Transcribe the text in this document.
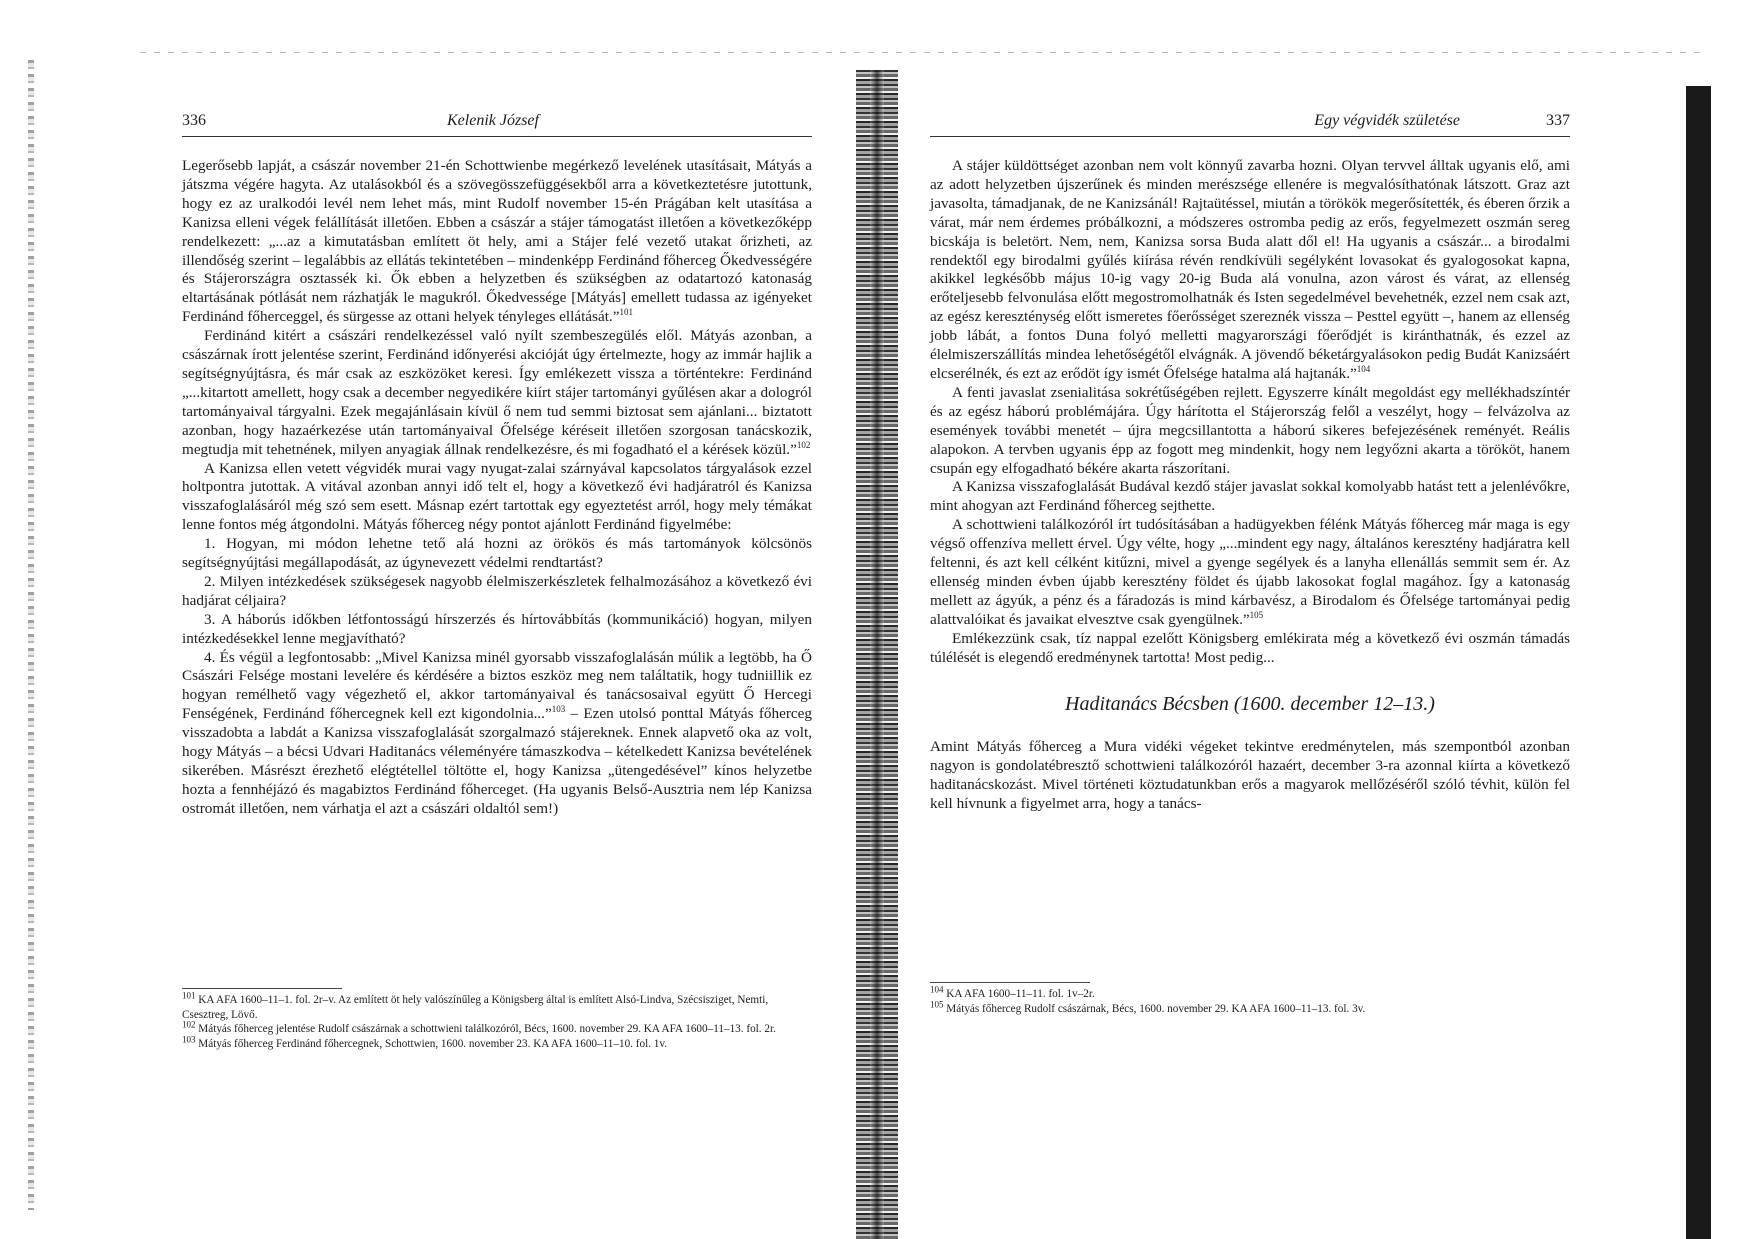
336	Kelenik József

Legerősebb lapját, a császár november 21-én Schottwienbe megérkező levelének utasításait, Mátyás a játszma végére hagyta. Az utalásokból és a szövegösszefüggésekből arra a következtetésre jutottunk, hogy ez az uralkodói levél nem lehet más, mint Rudolf november 15-én Prágában kelt utasítása a Kanizsa elleni végek felállítását illetően. Ebben a császár a stájer támogatást illetően a következőképp rendelkezett: „...az a kimutatásban említett öt hely, ami a Stájer felé vezető utakat őrizheti, az illendőség szerint – legalábbis az ellátás tekintetében – mindenképp Ferdinánd főherceg Őkedvességére és Stájerországra osztassék ki. Ők ebben a helyzetben és szükségben az odatartozó katonaság eltartásának pótlását nem rázhatják le magukról. Őkedvessége [Mátyás] emellett tudassa az igényeket Ferdinánd főherceggel, és sürgesse az ottani helyek tényleges ellátását.”$^{101}$

Ferdinánd kitért a császári rendelkezéssel való nyílt szembeszegülés elől. Mátyás azonban, a császárnak írott jelentése szerint, Ferdinánd időnyerési akcióját úgy értelmezte, hogy az immár hajlik a segítségnyújtásra, és már csak az eszközöket keresi. Így emlékezett vissza a történtekre: Ferdinánd „...kitartott amellett, hogy csak a december negyedikére kiírt stájer tartományi gyűlésen akar a dologról tartományaival tárgyalni. Ezek megajánlásain kívül ő nem tud semmi biztosat sem ajánlani... biztatott azonban, hogy hazaérkezése után tartományaival Őfelsége kéréseit illetően szorgosan tanácskozik, megtudja mit tehetnének, milyen anyagiak állnak rendelkezésre, és mi fogadható el a kérések közül.”$^{102}$

A Kanizsa ellen vetett végvidék murai vagy nyugat-zalai szárnyával kapcsolatos tárgyalások ezzel holtpontra jutottak. A vitával azonban annyi idő telt el, hogy a következő évi hadjáratról és Kanizsa visszafoglalásáról még szó sem esett. Másnap ezért tartottak egy egyeztetést arról, hogy mely témákat lenne fontos még átgondolni. Mátyás főherceg négy pontot ajánlott Ferdinánd figyelmébe:

1. Hogyan, mi módon lehetne tető alá hozni az örökös és más tartományok kölcsönös segítségnyújtási megállapodását, az úgynevezett védelmi rendtartást?

2. Milyen intézkedések szükségesek nagyobb élelmiszerkészletek felhalmozásához a következő évi hadjárat céljaira?

3. A háborús időkben létfontosságú hírszerzés és hírtovábbítás (kommunikáció) hogyan, milyen intézkedésekkel lenne megjavítható?

4. És végül a legfontosabb: „Mivel Kanizsa minél gyorsabb visszafoglalásán múlik a legtöbb, ha Ő Császári Felsége mostani levelére és kérdésére a biztos eszköz meg nem találtatik, hogy tudniillik ez hogyan remélhető vagy végezhető el, akkor tartományaival és tanácsosaival együtt Ő Hercegi Fenségének, Ferdinánd főhercegnek kell ezt kigondolnia...”$^{103}$ – Ezen utolsó ponttal Mátyás főherceg visszadobta a labdát a Kanizsa visszafoglalását szorgalmazó stájereknek. Ennek alapvető oka az volt, hogy Mátyás – a bécsi Udvari Haditanács véleményére támaszkodva – kételkedett Kanizsa bevételének sikerében. Másrészt érezhető elégtétellel töltötte el, hogy Kanizsa „ütengedésével” kínos helyzetbe hozta a fennhéjázó és magabiztos Ferdinánd főherceget. (Ha ugyanis Belső-Ausztria nem lép Kanizsa ostromát illetően, nem várhatja el azt a császári oldaltól sem!)

$^{101}$ KA AFA 1600–11–1. fol. 2r–v. Az említett öt hely valószínűleg a Königsberg által is említett Alsó-Lindva, Szécsisziget, Nemti, Csesztreg, Lövő.

$^{102}$ Mátyás főherceg jelentése Rudolf császárnak a schottwieni találkozóról, Bécs, 1600. november 29. KA AFA 1600–11–13. fol. 2r.

$^{103}$ Mátyás főherceg Ferdinánd főhercegnek, Schottwien, 1600. november 23. KA AFA 1600–11–10. fol. 1v.

Egy végvidék születése	337

A stájer küldöttséget azonban nem volt könnyű zavarba hozni. Olyan tervvel álltak ugyanis elő, ami az adott helyzetben újszerűnek és minden merészsége ellenére is megvalósíthatónak látszott. Graz azt javasolta, támadjanak, de ne Kanizsánál! Rajtaütéssel, miután a törökök megerősítették, és éberen őrzik a várat, már nem érdemes próbálkozni, a módszeres ostromba pedig az erős, fegyelmezett oszmán sereg bicskája is beletört. Nem, nem, Kanizsa sorsa Buda alatt dől el! Ha ugyanis a császár... a birodalmi rendektől egy birodalmi gyűlés kiírása révén rendkívüli segélyként lovasokat és gyalogosokat kapna, akikkel legkésőbb május 10-ig vagy 20-ig Buda alá vonulna, azon várost és várat, az ellenség erőteljesebb felvonulása előtt megostromolhatnák és Isten segedelmével bevehetnék, ezzel nem csak azt, az egész kereszténység előtt ismeretes főerősséget szereznék vissza – Pesttel együtt –, hanem az ellenség jobb lábát, a fontos Duna folyó melletti magyarországi főerődjét is kiránthatnák, és ezzel az élelmiszerszállítás mindea lehetőségétől elvágnák. A jövendő béketárgyalásokon pedig Budát Kanizsáért elcserélnék, és ezt az erődöt így ismét Őfelsége hatalma alá hajtanák.”$^{104}$

A fenti javaslat zsenialitása sokrétűségében rejlett. Egyszerre kínált megoldást egy mellékhadszíntér és az egész háború problémájára. Úgy hárította el Stájerország felől a veszélyt, hogy – felvázolva az események további menetét – újra megcsillantotta a háború sikeres befejezésének reményét. Reális alapokon. A tervben ugyanis épp az fogott meg mindenkit, hogy nem legyőzni akarta a törököt, hanem csupán egy elfogadható békére akarta rászorítani.

A Kanizsa visszafoglalását Budával kezdő stájer javaslat sokkal komolyabb hatást tett a jelenlévőkre, mint ahogyan azt Ferdinánd főherceg sejthette.

A schottwieni találkozóról írt tudósításában a hadügyekben félénk Mátyás főherceg már maga is egy végső offenzíva mellett érvel. Úgy vélte, hogy „...mindent egy nagy, általános keresztény hadjáratra kell feltenni, és azt kell célként kitűzni, mivel a gyenge segélyek és a lanyha ellenállás semmit sem ér. Az ellenség minden évben újabb keresztény földet és újabb lakosokat foglal magához. Így a katonaság mellett az ágyúk, a pénz és a fáradozás is mind kárbavész, a Birodalom és Őfelsége tartományai pedig alattvalóikat és javaikat elvesztve csak gyengülnek.”$^{105}$

Emlékezzünk csak, tíz nappal ezelőtt Königsberg emlékirata még a következő évi oszmán támadás túlélését is elegendő eredménynek tartotta! Most pedig...

Haditanács Bécsben (1600. december 12–13.)

Amint Mátyás főherceg a Mura vidéki végeket tekintve eredménytelen, más szempontból azonban nagyon is gondolatébresztő schottwieni találkozóról hazaért, december 3-ra azonnal kiírta a következő haditanácskozást. Mivel történeti köztudatunkban erős a magyarok mellőzéséről szóló tévhit, külön fel kell hívnunk a figyelmet arra, hogy a tanács-

$^{104}$ KA AFA 1600–11–11. fol. 1v–2r.

$^{105}$ Mátyás főherceg Rudolf császárnak, Bécs, 1600. november 29. KA AFA 1600–11–13. fol. 3v.
